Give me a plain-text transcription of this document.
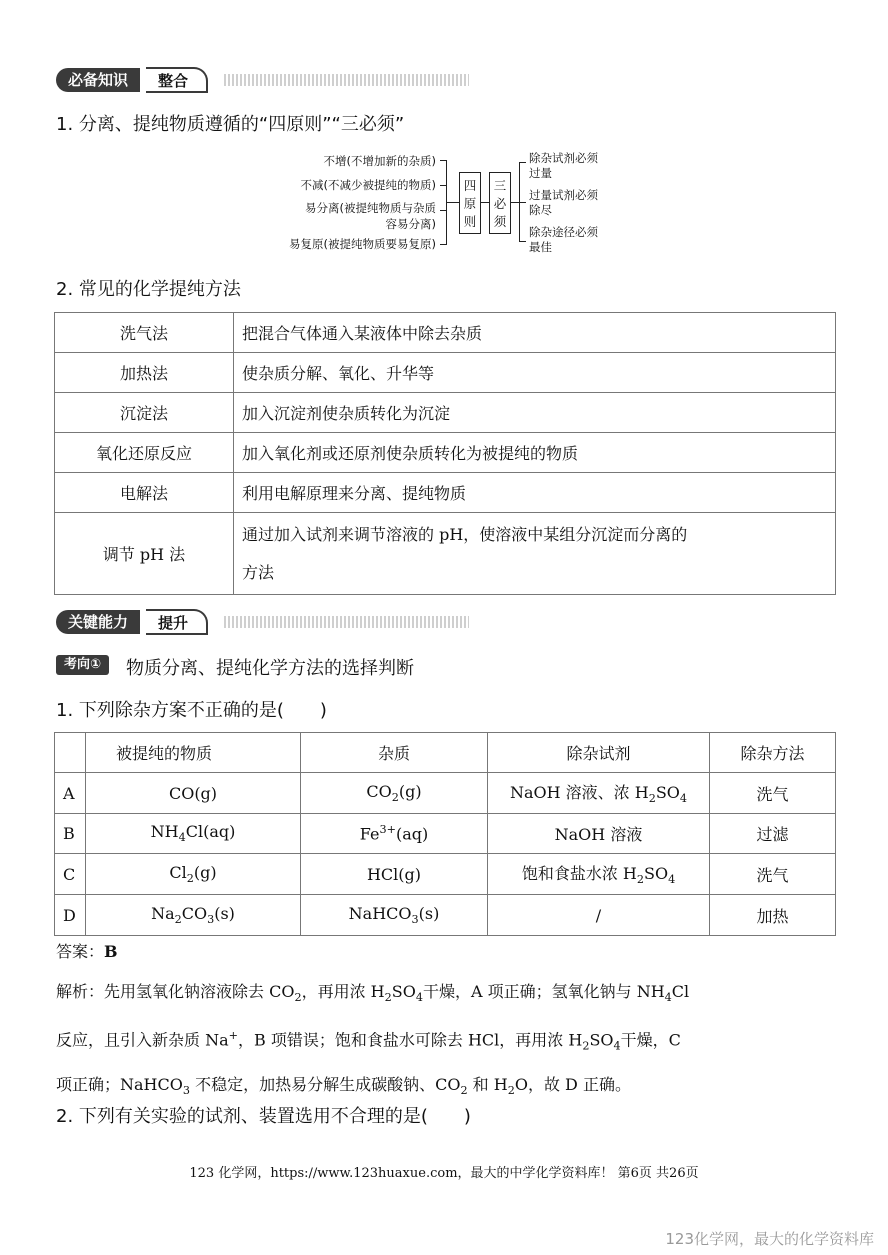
必备知识	整合
1. 分离、提纯物质遵循的“四原则”“三必须”
不增(不增加新的杂质)
不减(不减少被提纯的物质)
易分离(被提纯物质与杂质
容易分离)
易复原(被提纯物质要易复原)
四
原
则
三
必
须
除杂试剂必须
过量
过量试剂必须
除尽
除杂途径必须
最佳
2. 常见的化学提纯方法
洗气法	把混合气体通入某液体中除去杂质
加热法	使杂质分解、氧化、升华等
沉淀法	加入沉淀剂使杂质转化为沉淀
氧化还原反应	加入氧化剂或还原剂使杂质转化为被提纯的物质
电解法	利用电解原理来分离、提纯物质
调节 pH 法	通过加入试剂来调节溶液的 pH，使溶液中某组分沉淀而分离的
方法
关键能力	提升
考向①	物质分离、提纯化学方法的选择判断
1. 下列除杂方案不正确的是(　　)
	被提纯的物质	杂质	除杂试剂	除杂方法
A	CO(g)	$CO_2(g)$	NaOH 溶液、浓 $H_2SO_4$	洗气
B	$NH_4Cl(aq)$	$Fe^{3+}(aq)$	NaOH 溶液	过滤
C	$Cl_2(g)$	HCl(g)	饱和食盐水浓 $H_2SO_4$	洗气
D	$Na_2CO_3(s)$	NaHCO$_3$(s)	/	加热
答案：B
解析：先用氢氧化钠溶液除去 $CO_2$，再用浓 $H_2SO_4$干燥，A 项正确；氢氧化钠与 $NH_4Cl$
反应，且引入新杂质 Na+，B 项错误；饱和食盐水可除去 HCl，再用浓 $H_2SO_4$干燥，C
项正确；NaHCO$_3$ 不稳定，加热易分解生成碳酸钠、$CO_2$ 和 $H_2O$，故 D 正确。
2. 下列有关实验的试剂、装置选用不合理的是(　　)
123 化学网，https://www.123huaxue.com，最大的中学化学资料库！ 第6页 共26页
123化学网，最大的化学资料库
